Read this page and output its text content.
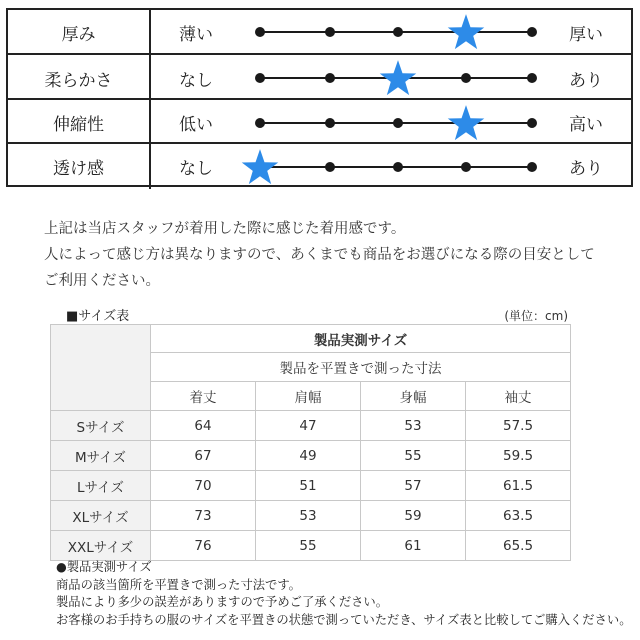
厚み	薄い	厚い
柔らかさ	なし	あり
伸縮性	低い	高い
透け感	なし	あり

上記は当店スタッフが着用した際に感じた着用感です。

人によって感じ方は異なりますので、あくまでも商品をお選びになる際の目安として

ご利用ください。

■サイズ表	(単位：cm)
	製品実測サイズ			
	製品を平置きで測った寸法			
	着丈	肩幅	身幅	袖丈
Sサイズ	64	47	53	57.5
Mサイズ	67	49	55	59.5
Lサイズ	70	51	57	61.5
XLサイズ	73	53	59	63.5
XXLサイズ	76	55	61	65.5

●製品実測サイズ

商品の該当箇所を平置きで測った寸法です。

製品により多少の誤差がありますので予めご了承ください。

お客様のお手持ちの服のサイズを平置きの状態で測っていただき、サイズ表と比較してご購入ください。
